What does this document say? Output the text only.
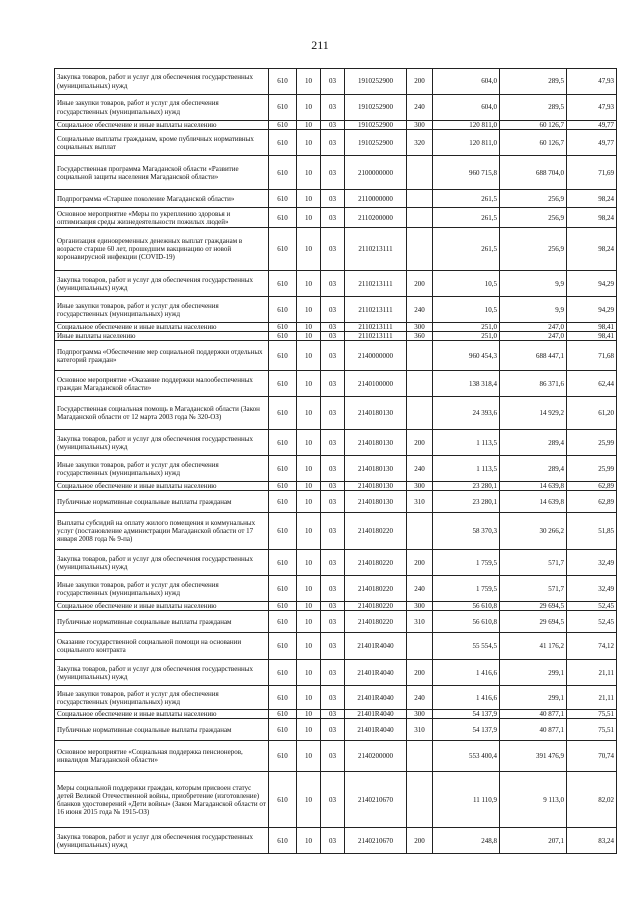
211
Закупка товаров, работ и услуг для обеспечения государственных (муниципальных) нужд	610	10	03	1910252900	200	604,0	289,5	47,93
Иные закупки товаров, работ и услуг для обеспечения государственных (муниципальных) нужд	610	10	03	1910252900	240	604,0	289,5	47,93
Социальное обеспечение и иные выплаты населению	610	10	03	1910252900	300	120 811,0	60 126,7	49,77
Социальные выплаты гражданам, кроме публичных нормативных социальных выплат	610	10	03	1910252900	320	120 811,0	60 126,7	49,77
Государственная программа Магаданской области «Развитие социальной защиты населения Магаданской области»	610	10	03	2100000000		960 715,8	688 704,0	71,69
Подпрограмма «Старшее поколение Магаданской области»	610	10	03	2110000000		261,5	256,9	98,24
Основное мероприятие «Меры по укреплению здоровья и оптимизация среды жизнедеятельности пожилых людей»	610	10	03	2110200000		261,5	256,9	98,24
Организация единовременных денежных выплат гражданам в возрасте старше 60 лет, прошедшим вакцинацию от новой коронавирусной инфекции (COVID-19)	610	10	03	2110213111		261,5	256,9	98,24
Закупка товаров, работ и услуг для обеспечения государственных (муниципальных) нужд	610	10	03	2110213111	200	10,5	9,9	94,29
Иные закупки товаров, работ и услуг для обеспечения государственных (муниципальных) нужд	610	10	03	2110213111	240	10,5	9,9	94,29
Социальное обеспечение и иные выплаты населению	610	10	03	2110213111	300	251,0	247,0	98,41
Иные выплаты населению	610	10	03	2110213111	360	251,0	247,0	98,41
Подпрограмма «Обеспечение мер социальной поддержки отдельных категорий граждан»	610	10	03	2140000000		960 454,3	688 447,1	71,68
Основное мероприятие «Оказание поддержки малообеспеченных граждан Магаданской области»	610	10	03	2140100000		138 318,4	86 371,6	62,44
Государственная социальная помощь в Магаданской области (Закон Магаданской области от 12 марта 2003 года № 320-ОЗ)	610	10	03	2140180130		24 393,6	14 929,2	61,20
Закупка товаров, работ и услуг для обеспечения государственных (муниципальных) нужд	610	10	03	2140180130	200	1 113,5	289,4	25,99
Иные закупки товаров, работ и услуг для обеспечения государственных (муниципальных) нужд	610	10	03	2140180130	240	1 113,5	289,4	25,99
Социальное обеспечение и иные выплаты населению	610	10	03	2140180130	300	23 280,1	14 639,8	62,89
Публичные нормативные социальные выплаты гражданам	610	10	03	2140180130	310	23 280,1	14 639,8	62,89
Выплаты субсидий на оплату жилого помещения и коммунальных услуг (постановление администрации Магаданской области от 17 января 2008 года № 9-па)	610	10	03	2140180220		58 370,3	30 266,2	51,85
Закупка товаров, работ и услуг для обеспечения государственных (муниципальных) нужд	610	10	03	2140180220	200	1 759,5	571,7	32,49
Иные закупки товаров, работ и услуг для обеспечения государственных (муниципальных) нужд	610	10	03	2140180220	240	1 759,5	571,7	32,49
Социальное обеспечение и иные выплаты населению	610	10	03	2140180220	300	56 610,8	29 694,5	52,45
Публичные нормативные социальные выплаты гражданам	610	10	03	2140180220	310	56 610,8	29 694,5	52,45
Оказание государственной социальной помощи на основании социального контракта	610	10	03	21401R4040		55 554,5	41 176,2	74,12
Закупка товаров, работ и услуг для обеспечения государственных (муниципальных) нужд	610	10	03	21401R4040	200	1 416,6	299,1	21,11
Иные закупки товаров, работ и услуг для обеспечения государственных (муниципальных) нужд	610	10	03	21401R4040	240	1 416,6	299,1	21,11
Социальное обеспечение и иные выплаты населению	610	10	03	21401R4040	300	54 137,9	40 877,1	75,51
Публичные нормативные социальные выплаты гражданам	610	10	03	21401R4040	310	54 137,9	40 877,1	75,51
Основное мероприятие «Социальная поддержка пенсионеров, инвалидов Магаданской области»	610	10	03	2140200000		553 400,4	391 476,9	70,74
Меры социальной поддержки граждан, которым присвоен статус детей Великой Отечественной войны, приобретение (изготовление) бланков удостоверений «Дети войны» (Закон Магаданской области от 16 июня 2015 года № 1915-ОЗ)	610	10	03	2140210670		11 110,9	9 113,0	82,02
Закупка товаров, работ и услуг для обеспечения государственных (муниципальных) нужд	610	10	03	2140210670	200	248,8	207,1	83,24
